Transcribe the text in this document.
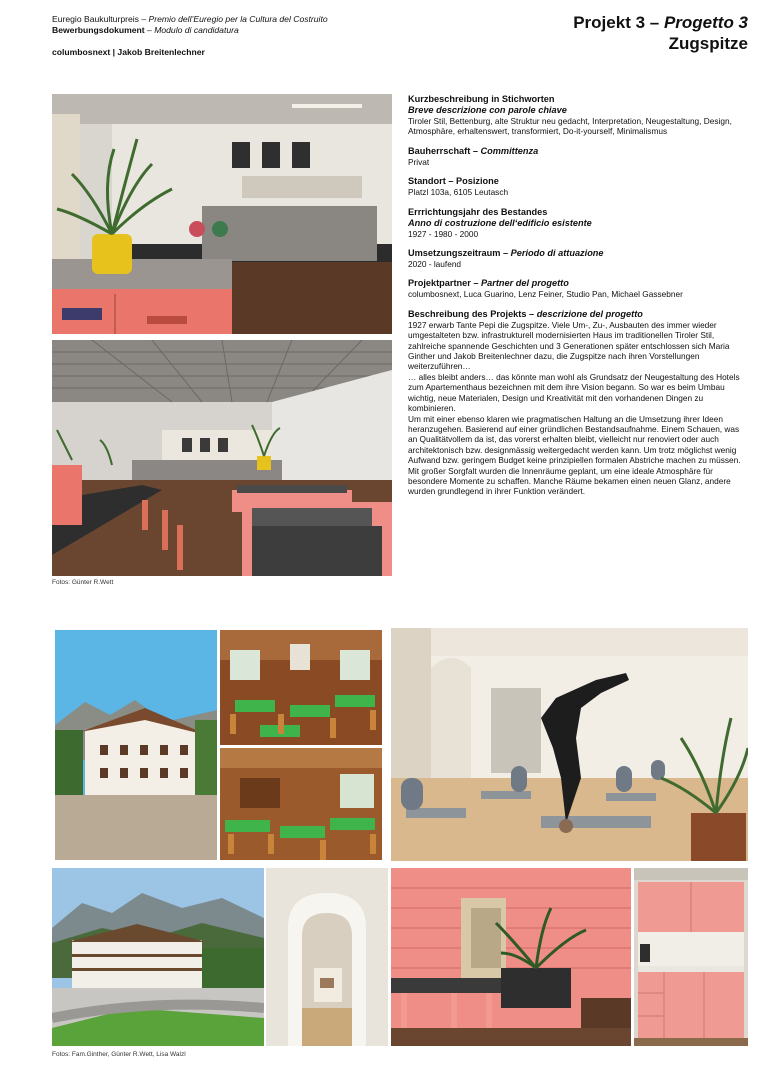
Euregio Baukulturpreis – Premio dell’Euregio per la Cultura del Costruito
Bewerbungsdokument – Modulo di candidatura
columbosnext | Jakob Breitenlechner
Projekt 3 – Progetto 3
Zugspitze
Fotos: Günter R.Wett
Kurzbeschreibung in Stichworten
Breve descrizione con parole chiave
Tiroler Stil, Bettenburg, alte Struktur neu gedacht, Interpretation, Neugestaltung, Design, Atmosphäre, erhaltenswert, transformiert, Do-it-yourself, Minimalismus
Bauherrschaft – Committenza
Privat
Standort – Posizione
Platzl 103a, 6105 Leutasch
Errrichtungsjahr des Bestandes
Anno di costruzione dell‘edificio esistente
1927 - 1980 - 2000
Umsetzungszeitraum – Periodo di attuazione
2020 - laufend
Projektpartner – Partner del progetto
columbosnext, Luca Guarino, Lenz Feiner, Studio Pan, Michael Gassebner
Beschreibung des Projekts – descrizione del progetto

1927 erwarb Tante Pepi die Zugspitze. Viele Um-, Zu-, Ausbauten des immer wieder umgestalteten bzw. infrastrukturell modernisierten Haus im traditionellen Tiroler Stil, zahlreiche spannende Geschichten und 3 Generationen später entschlossen sich Maria Ginther und Jakob Breitenlechner dazu, die Zugspitze nach ihren Vorstellungen weiterzuführen…

… alles bleibt anders… das könnte man wohl als Grundsatz der Neugestaltung des Hotels zum Apartementhaus bezeichnen mit dem ihre Vision begann. So war es beim Umbau wichtig, neue Materialen, Design und Kreativität mit den vorhandenen Dingen zu kombinieren.

Um mit einer ebenso klaren wie pragmatischen Haltung an die Umsetzung ihrer Ideen heranzugehen. Basierend auf einer gründlichen Bestandsaufnahme. Einem Schauen, was an Qualitätvollem da ist, das vorerst erhalten bleibt, vielleicht nur renoviert oder auch architektonisch bzw. designmässig weitergedacht werden kann. Um trotz möglichst wenig Aufwand bzw. geringem Budget keine prinzipiellen formalen Abstriche machen zu müssen.

Mit großer Sorgfalt wurden die Innenräume geplant, um eine ideale Atmosphäre für besondere Momente zu schaffen. Manche Räume bekamen einen neuen Glanz, andere wurden grundlegend in ihrer Funktion verändert.

Fotos: Fam.Ginther, Günter R.Wett, Lisa Walzl
